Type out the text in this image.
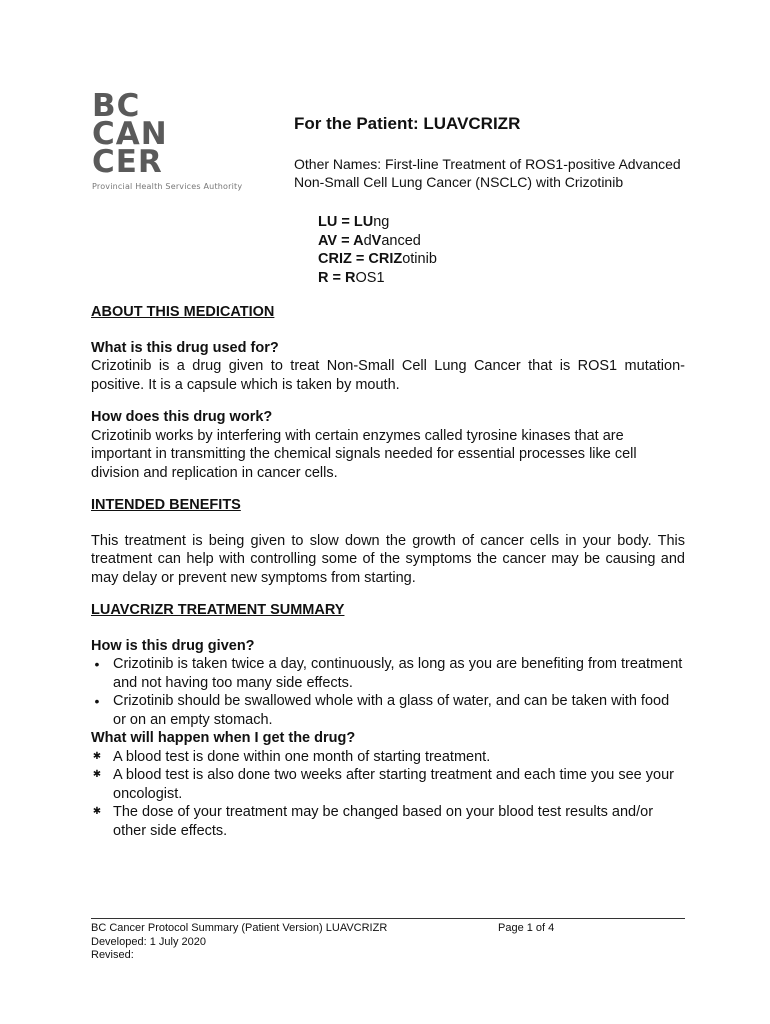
BC
CAN
CER
Provincial Health Services Authority
For the Patient: LUAVCRIZR
Other Names: First-line Treatment of ROS1-positive Advanced Non-Small Cell Lung Cancer (NSCLC) with Crizotinib
LU = LUng
AV = AdVanced
CRIZ = CRIZotinib
R = ROS1

ABOUT THIS MEDICATION

What is this drug used for?

Crizotinib is a drug given to treat Non-Small Cell Lung Cancer that is ROS1 mutation-positive. It is a capsule which is taken by mouth.

How does this drug work?

Crizotinib works by interfering with certain enzymes called tyrosine kinases that are important in transmitting the chemical signals needed for essential processes like cell division and replication in cancer cells.

INTENDED BENEFITS

This treatment is being given to slow down the growth of cancer cells in your body. This treatment can help with controlling some of the symptoms the cancer may be causing and may delay or prevent new symptoms from starting.

LUAVCRIZR TREATMENT SUMMARY

How is this drug given?

• Crizotinib is taken twice a day, continuously, as long as you are benefiting from treatment and not having too many side effects.
• Crizotinib should be swallowed whole with a glass of water, and can be taken with food or on an empty stomach.

What will happen when I get the drug?

✱ A blood test is done within one month of starting treatment.
✱ A blood test is also done two weeks after starting treatment and each time you see your oncologist.
✱ The dose of your treatment may be changed based on your blood test results and/or other side effects.
BC Cancer Protocol Summary (Patient Version) LUAVCRIZR	Page 1 of 4
Developed: 1 July 2020
Revised:
